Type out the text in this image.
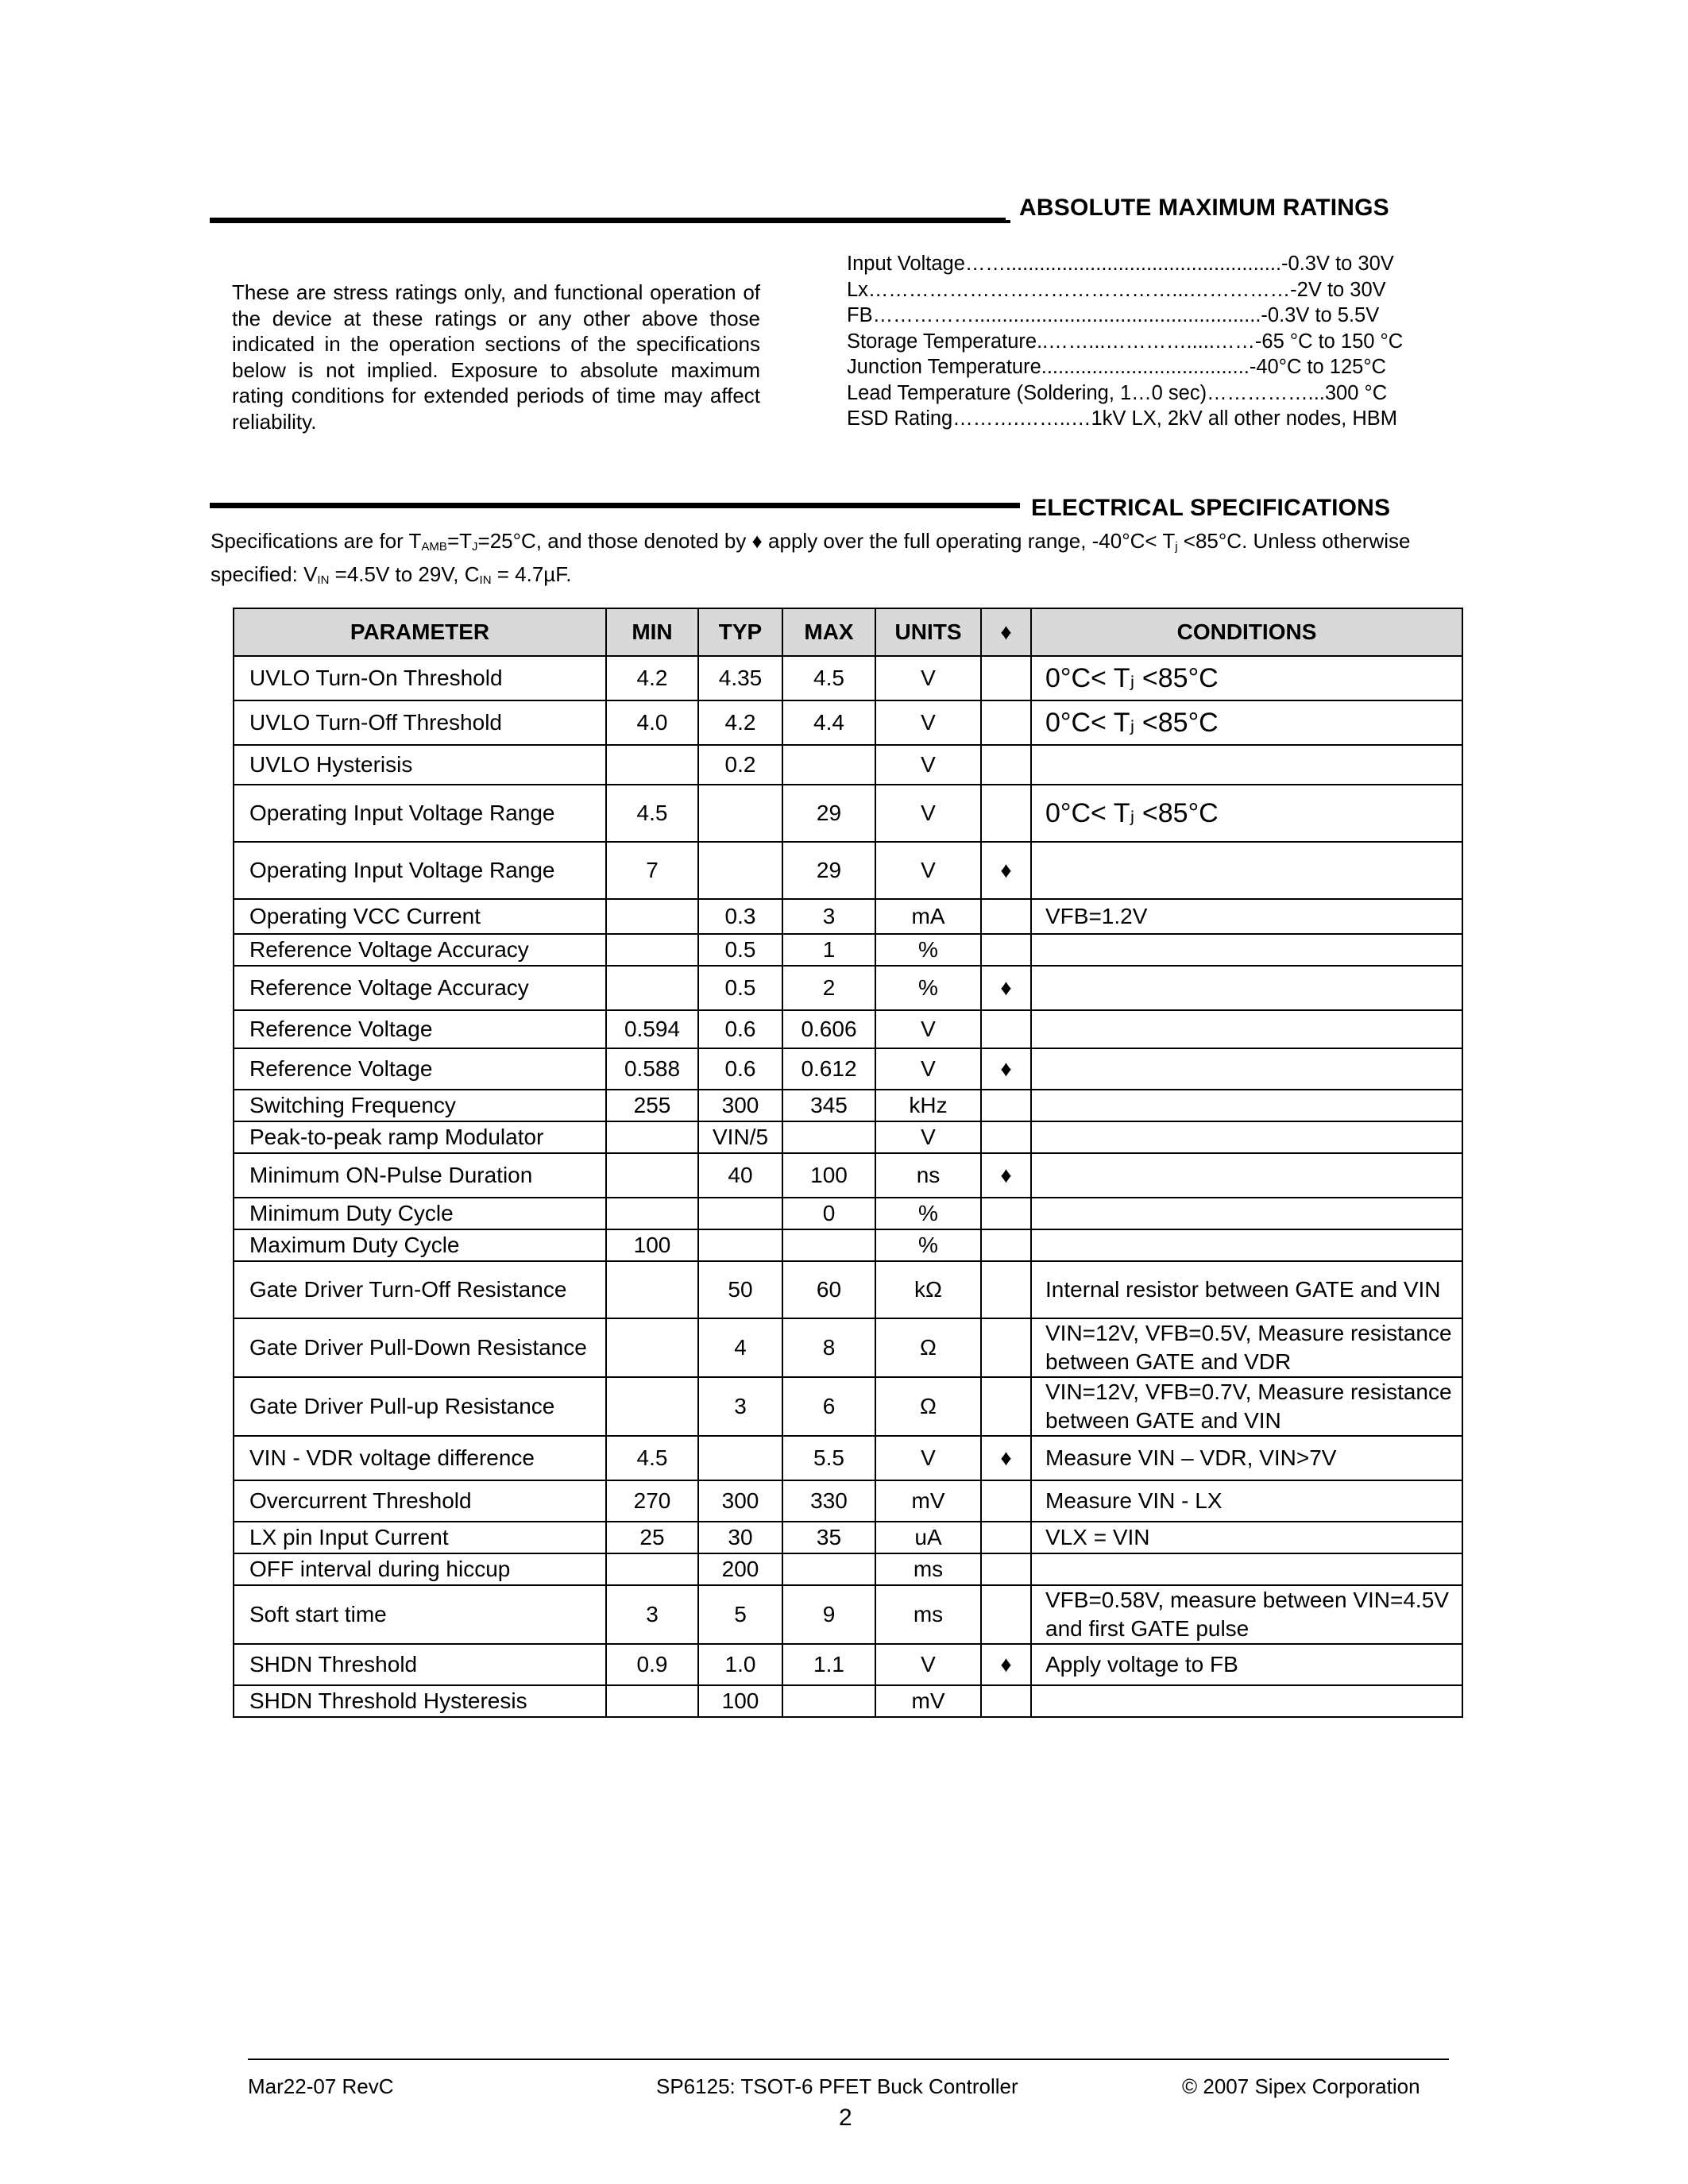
ABSOLUTE MAXIMUM RATINGS
These are stress ratings only, and functional operation of the device at these ratings or any other above those indicated in the operation sections of the specifications below is not implied. Exposure to absolute maximum rating conditions for extended periods of time may affect reliability.
Input Voltage…….................................................-0.3V to 30V
Lx………………………………………...……………-2V to 30V
FB……………...................................................-0.3V to 5.5V
Storage Temperature..……...………….....……-65 °C to 150 °C
Junction Temperature.....................................-40°C to 125°C
Lead Temperature (Soldering, 1…0 sec)……………...300 °C
ESD Rating……….……..…1kV LX, 2kV all other nodes, HBM
ELECTRICAL SPECIFICATIONS
Specifications are for $T_{AMB}=T_J=25^\circ C$, and those denoted by ♦ apply over the full operating range, $-40^\circ C< T_j <85^\circ C$. Unless otherwise specified: $V_{IN} =4.5V$ to 29V, $C_{IN} = 4.7\mu F$.
PARAMETER	MIN	TYP	MAX	UNITS	♦	CONDITIONS
UVLO Turn-On Threshold	4.2	4.35	4.5	V		0°C< Tⱼ <85°C
UVLO Turn-Off Threshold	4.0	4.2	4.4	V		0°C< Tⱼ <85°C
UVLO Hysterisis		0.2		V		
Operating Input Voltage Range	4.5		29	V		0°C< Tⱼ <85°C
Operating Input Voltage Range	7		29	V	♦	
Operating VCC Current		0.3	3	mA		VFB=1.2V
Reference Voltage Accuracy		0.5	1	%		
Reference Voltage Accuracy		0.5	2	%	♦	
Reference Voltage	0.594	0.6	0.606	V		
Reference Voltage	0.588	0.6	0.612	V	♦	
Switching Frequency	255	300	345	kHz		
Peak-to-peak ramp Modulator		VIN/5		V		
Minimum ON-Pulse Duration		40	100	ns	♦	
Minimum Duty Cycle			0	%		
Maximum Duty Cycle	100			%		
Gate Driver Turn-Off Resistance		50	60	kΩ		Internal resistor between GATE and VIN
Gate Driver Pull-Down Resistance		4	8	Ω		VIN=12V, VFB=0.5V, Measure resistance between GATE and VDR
Gate Driver Pull-up Resistance		3	6	Ω		VIN=12V, VFB=0.7V, Measure resistance between GATE and VIN
VIN - VDR voltage difference	4.5		5.5	V	♦	Measure VIN – VDR, VIN>7V
Overcurrent Threshold	270	300	330	mV		Measure VIN - LX
LX pin Input Current	25	30	35	uA		VLX = VIN
OFF interval during hiccup		200		ms		
Soft start time	3	5	9	ms		VFB=0.58V, measure between VIN=4.5V and first GATE pulse
SHDN Threshold	0.9	1.0	1.1	V	♦	Apply voltage to FB
SHDN Threshold Hysteresis		100		mV		
Mar22-07 RevC	SP6125: TSOT-6 PFET Buck Controller	© 2007 Sipex Corporation
2
